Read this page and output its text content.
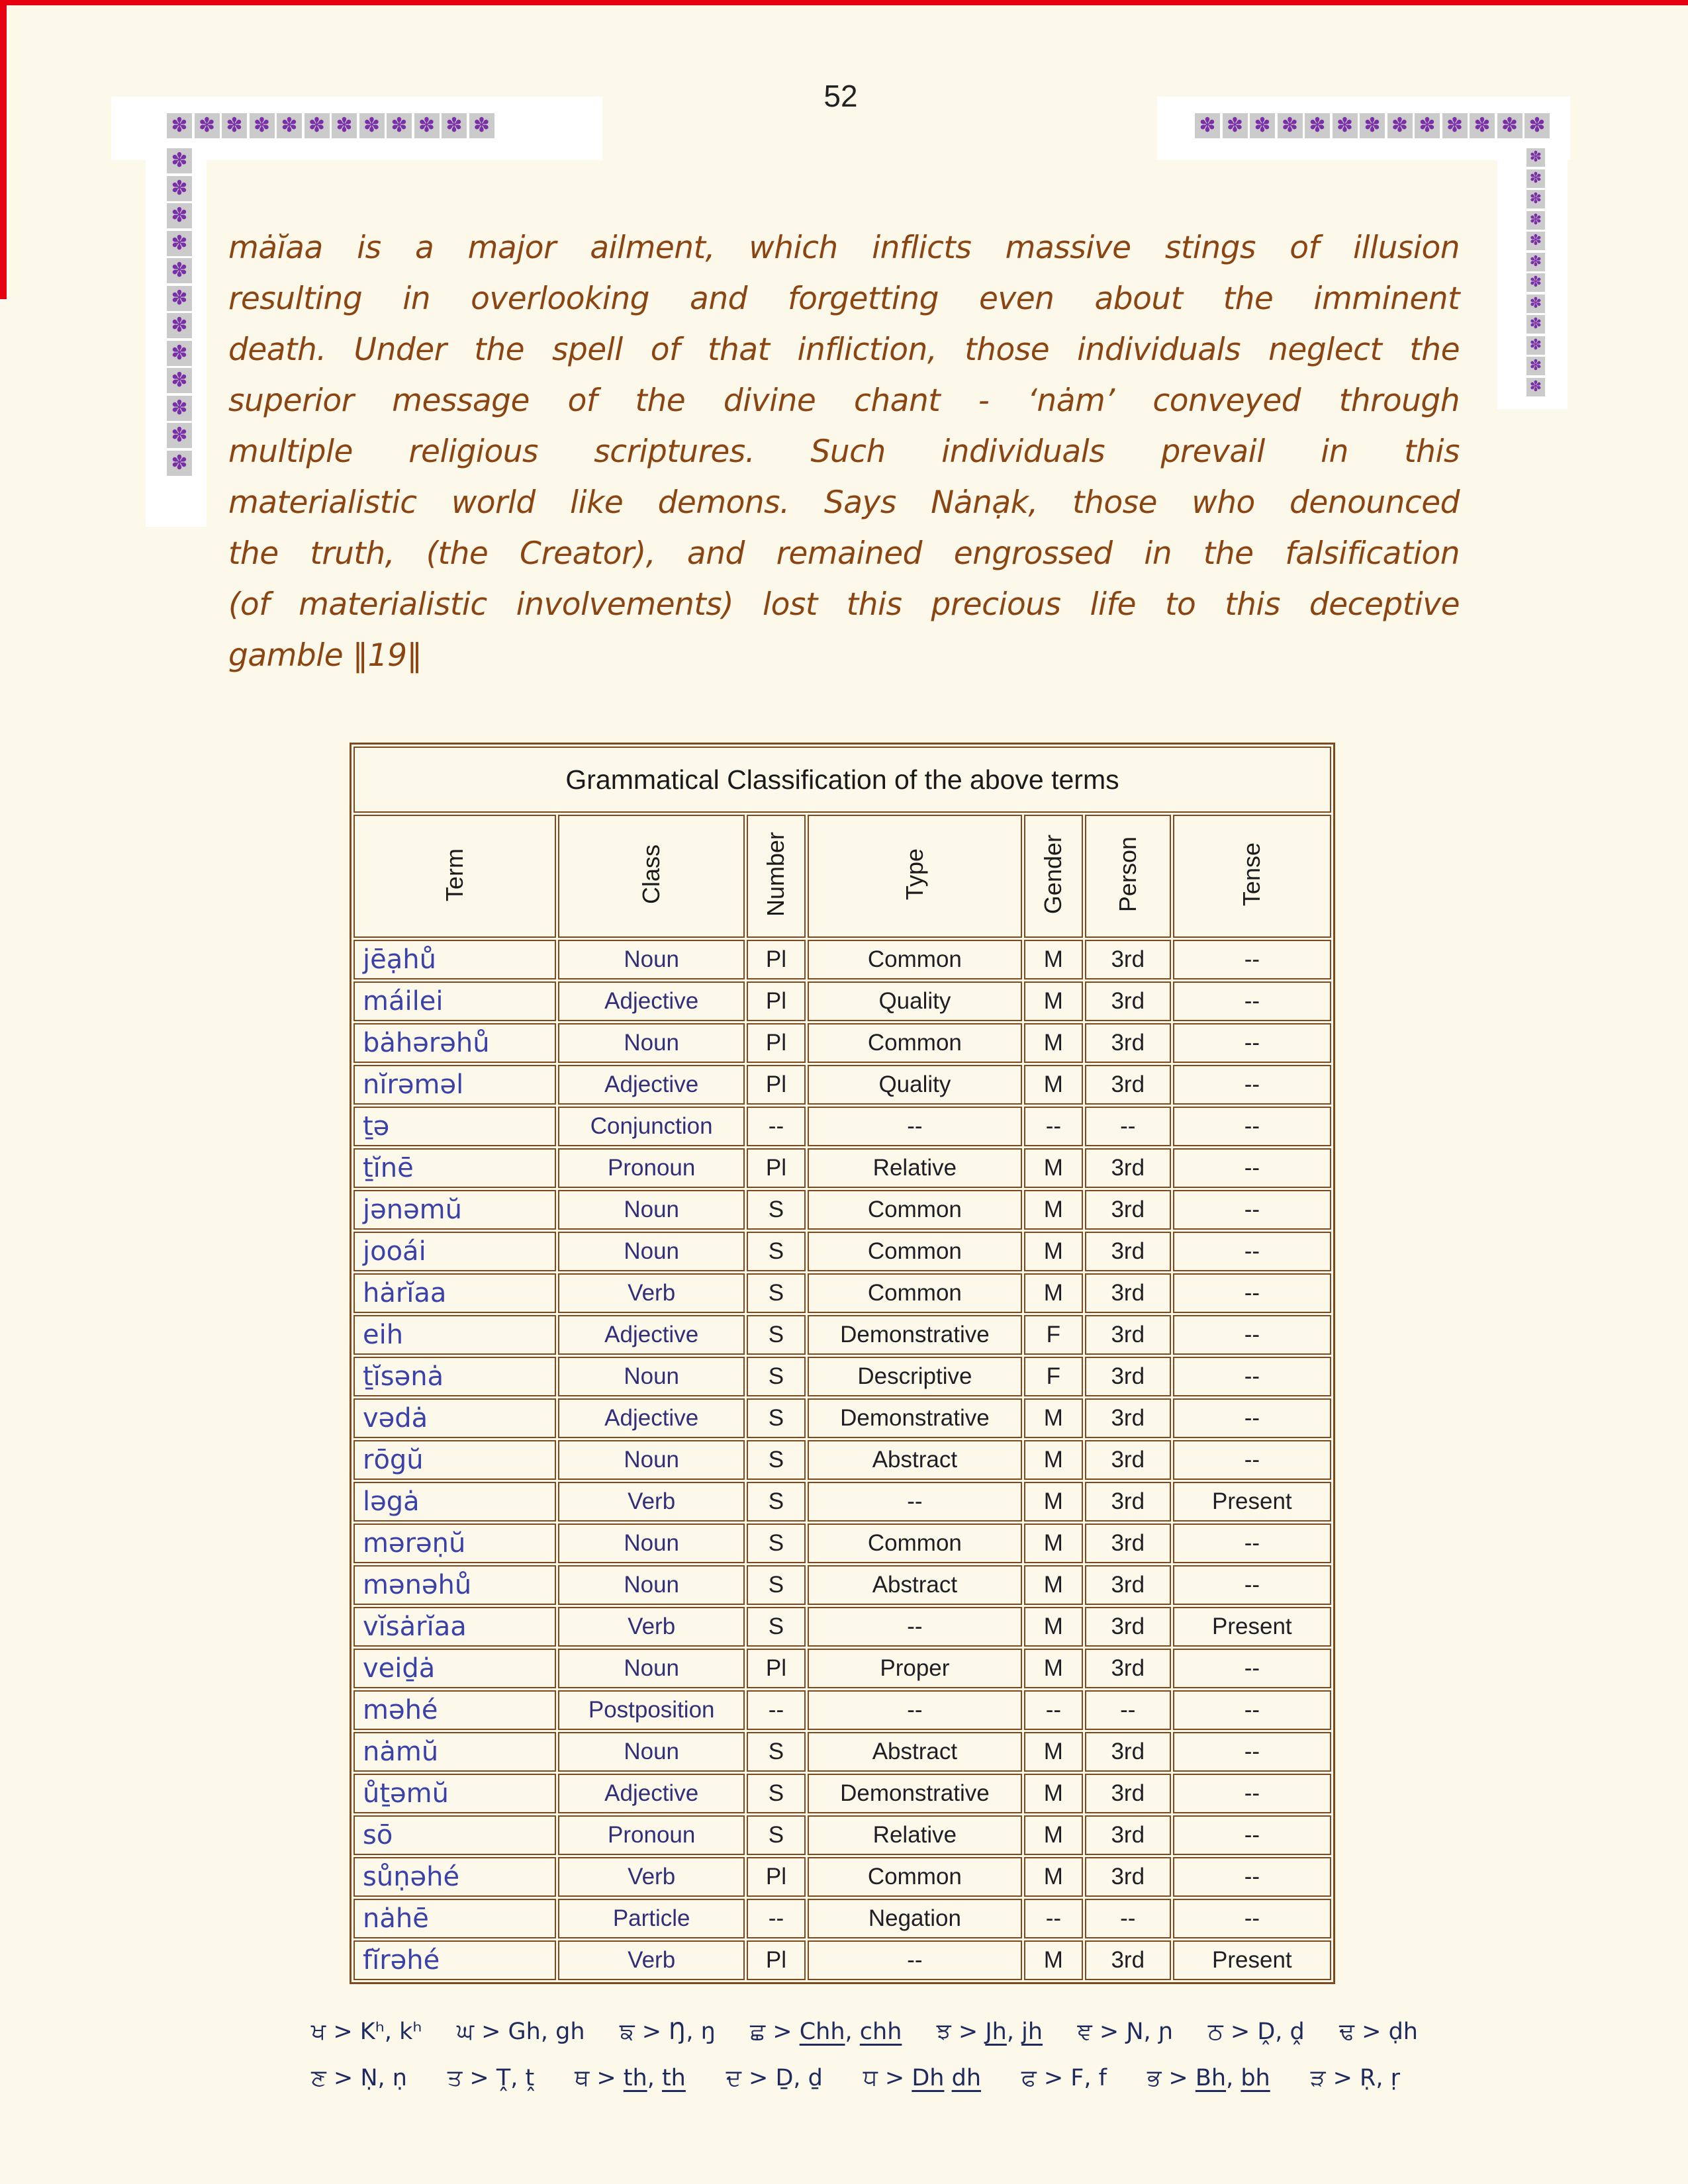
52
✽ ✽ ✽ ✽ ✽ ✽ ✽ ✽ ✽ ✽ ✽ ✽	✽ ✽ ✽ ✽ ✽ ✽ ✽ ✽ ✽ ✽ ✽ ✽ ✽
✽
✽
✽
✽
✽
✽
✽
✽
✽
✽
✽
✽
✽
✽
✽
✽
✽
✽
✽
✽
✽
✽
✽
✽
mȧĭaa is a major ailment, which inflicts massive stings of illusion
resulting in overlooking and forgetting even about the imminent
death. Under the spell of that infliction, those individuals neglect the
superior message of the divine chant - ‘nȧm’ conveyed through
multiple religious scriptures. Such individuals prevail in this
materialistic world like demons. Says Nȧnạk, those who denounced
the truth, (the Creator), and remained engrossed in the falsification
(of materialistic involvements) lost this precious life to this deceptive
gamble ‖19‖
Grammatical Classification of the above terms						
Term	Class	Number	Type	Gender	Person	Tense
jēạhů	Noun	Pl	Common	M	3rd	--
máilei	Adjective	Pl	Quality	M	3rd	--
bȧhərəhů	Noun	Pl	Common	M	3rd	--
nĭrəməl	Adjective	Pl	Quality	M	3rd	--
ṯə	Conjunction	--	--	--	--	--
ṯĭnē	Pronoun	Pl	Relative	M	3rd	--
jənəmŭ	Noun	S	Common	M	3rd	--
jooái	Noun	S	Common	M	3rd	--
hȧrĭaa	Verb	S	Common	M	3rd	--
eih	Adjective	S	Demonstrative	F	3rd	--
ṯĭsənȧ	Noun	S	Descriptive	F	3rd	--
vədȧ	Adjective	S	Demonstrative	M	3rd	--
rōgŭ	Noun	S	Abstract	M	3rd	--
ləgȧ	Verb	S	--	M	3rd	Present
mərəṇŭ	Noun	S	Common	M	3rd	--
mənəhů	Noun	S	Abstract	M	3rd	--
vĭsȧrĭaa	Verb	S	--	M	3rd	Present
veiḏȧ	Noun	Pl	Proper	M	3rd	--
məhé	Postposition	--	--	--	--	--
nȧmŭ	Noun	S	Abstract	M	3rd	--
ůṯəmŭ	Adjective	S	Demonstrative	M	3rd	--
sō	Pronoun	S	Relative	M	3rd	--
sůṇəhé	Verb	Pl	Common	M	3rd	--
nȧhē	Particle	--	Negation	--	--	--
fĭrəhé	Verb	Pl	--	M	3rd	Present
ਖ > Kʰ, kʰ ਘ > Gh, gh ਙ > Ŋ, ŋ ਛ > Chh, chh ਝ > Jh, jh ਞ > Ɲ, ɲ ਠ > Ḓ, ḓ ਢ > ḍh
ਣ > Ṇ, ṇ ਤ > Ṱ, ṱ ਥ > th, th ਦ > Ḏ, ḏ ਧ > Dh dh ਫ > F, f ਭ > Bh, bh ੜ > Ṛ, ṛ
